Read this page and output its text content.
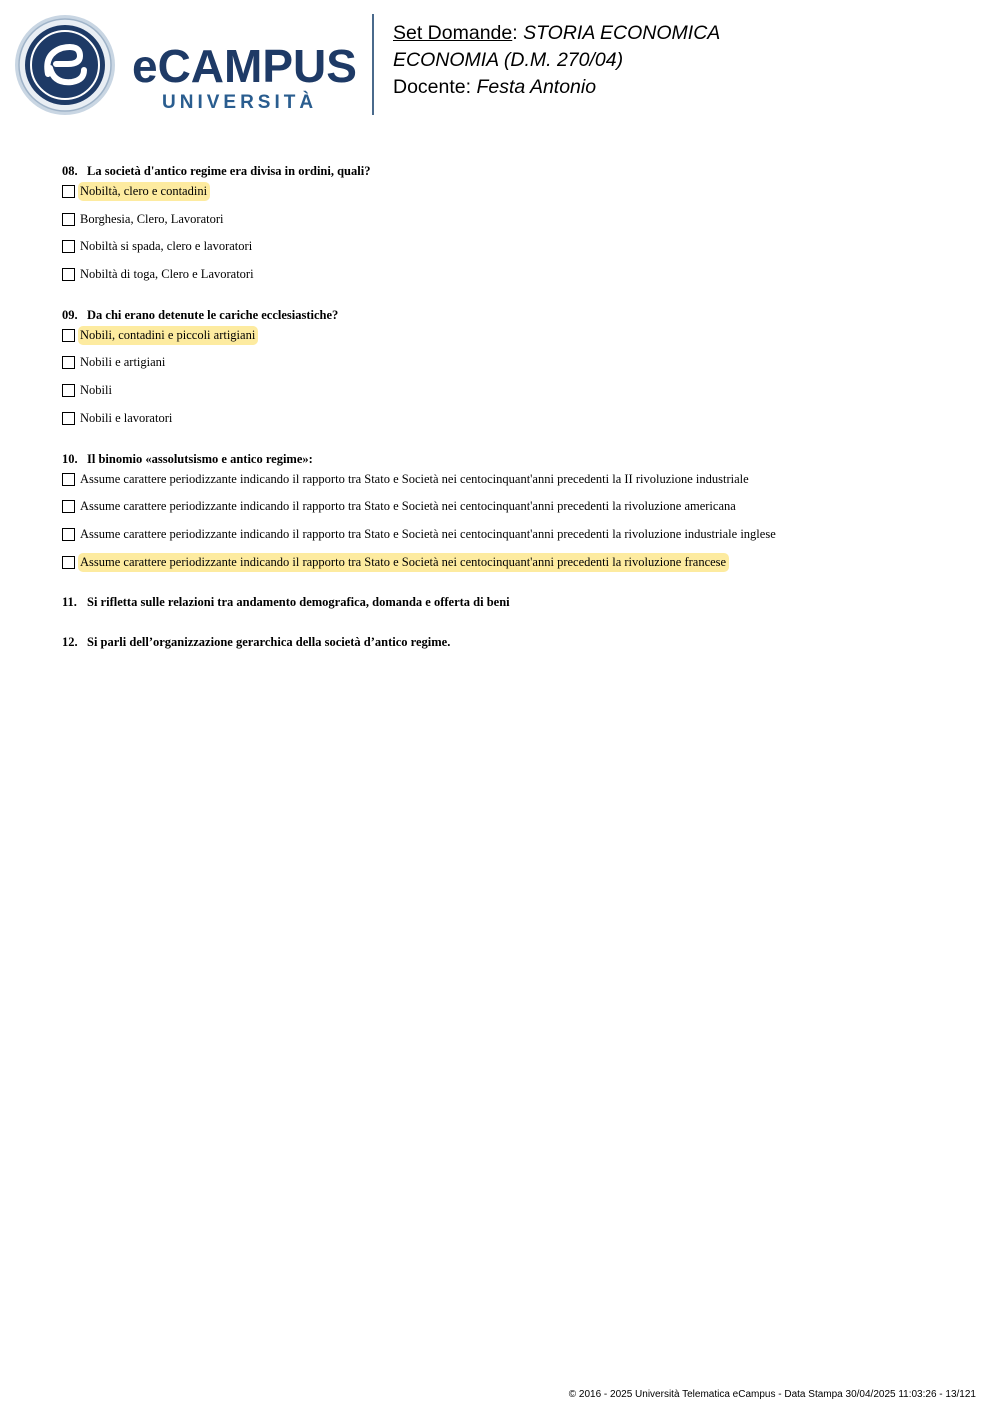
eCAMPUS
UNIVERSITÀ
Set Domande: STORIA ECONOMICA
ECONOMIA (D.M. 270/04)
Docente: Festa Antonio
08. La società d'antico regime era divisa in ordini, quali?
Nobiltà, clero e contadini
Borghesia, Clero, Lavoratori
Nobiltà si spada, clero e lavoratori
Nobiltà di toga, Clero e Lavoratori
09. Da chi erano detenute le cariche ecclesiastiche?
Nobili, contadini e piccoli artigiani
Nobili e artigiani
Nobili
Nobili e lavoratori
10. Il binomio «assolutsismo e antico regime»:
Assume carattere periodizzante indicando il rapporto tra Stato e Società nei centocinquant'anni precedenti la II rivoluzione industriale
Assume carattere periodizzante indicando il rapporto tra Stato e Società nei centocinquant'anni precedenti la rivoluzione americana
Assume carattere periodizzante indicando il rapporto tra Stato e Società nei centocinquant'anni precedenti la rivoluzione industriale inglese
Assume carattere periodizzante indicando il rapporto tra Stato e Società nei centocinquant'anni precedenti la rivoluzione francese
11. Si rifletta sulle relazioni tra andamento demografica, domanda e offerta di beni
12. Si parli dell’organizzazione gerarchica della società d’antico regime.
© 2016 - 2025 Università Telematica eCampus - Data Stampa 30/04/2025 11:03:26 - 13/121
